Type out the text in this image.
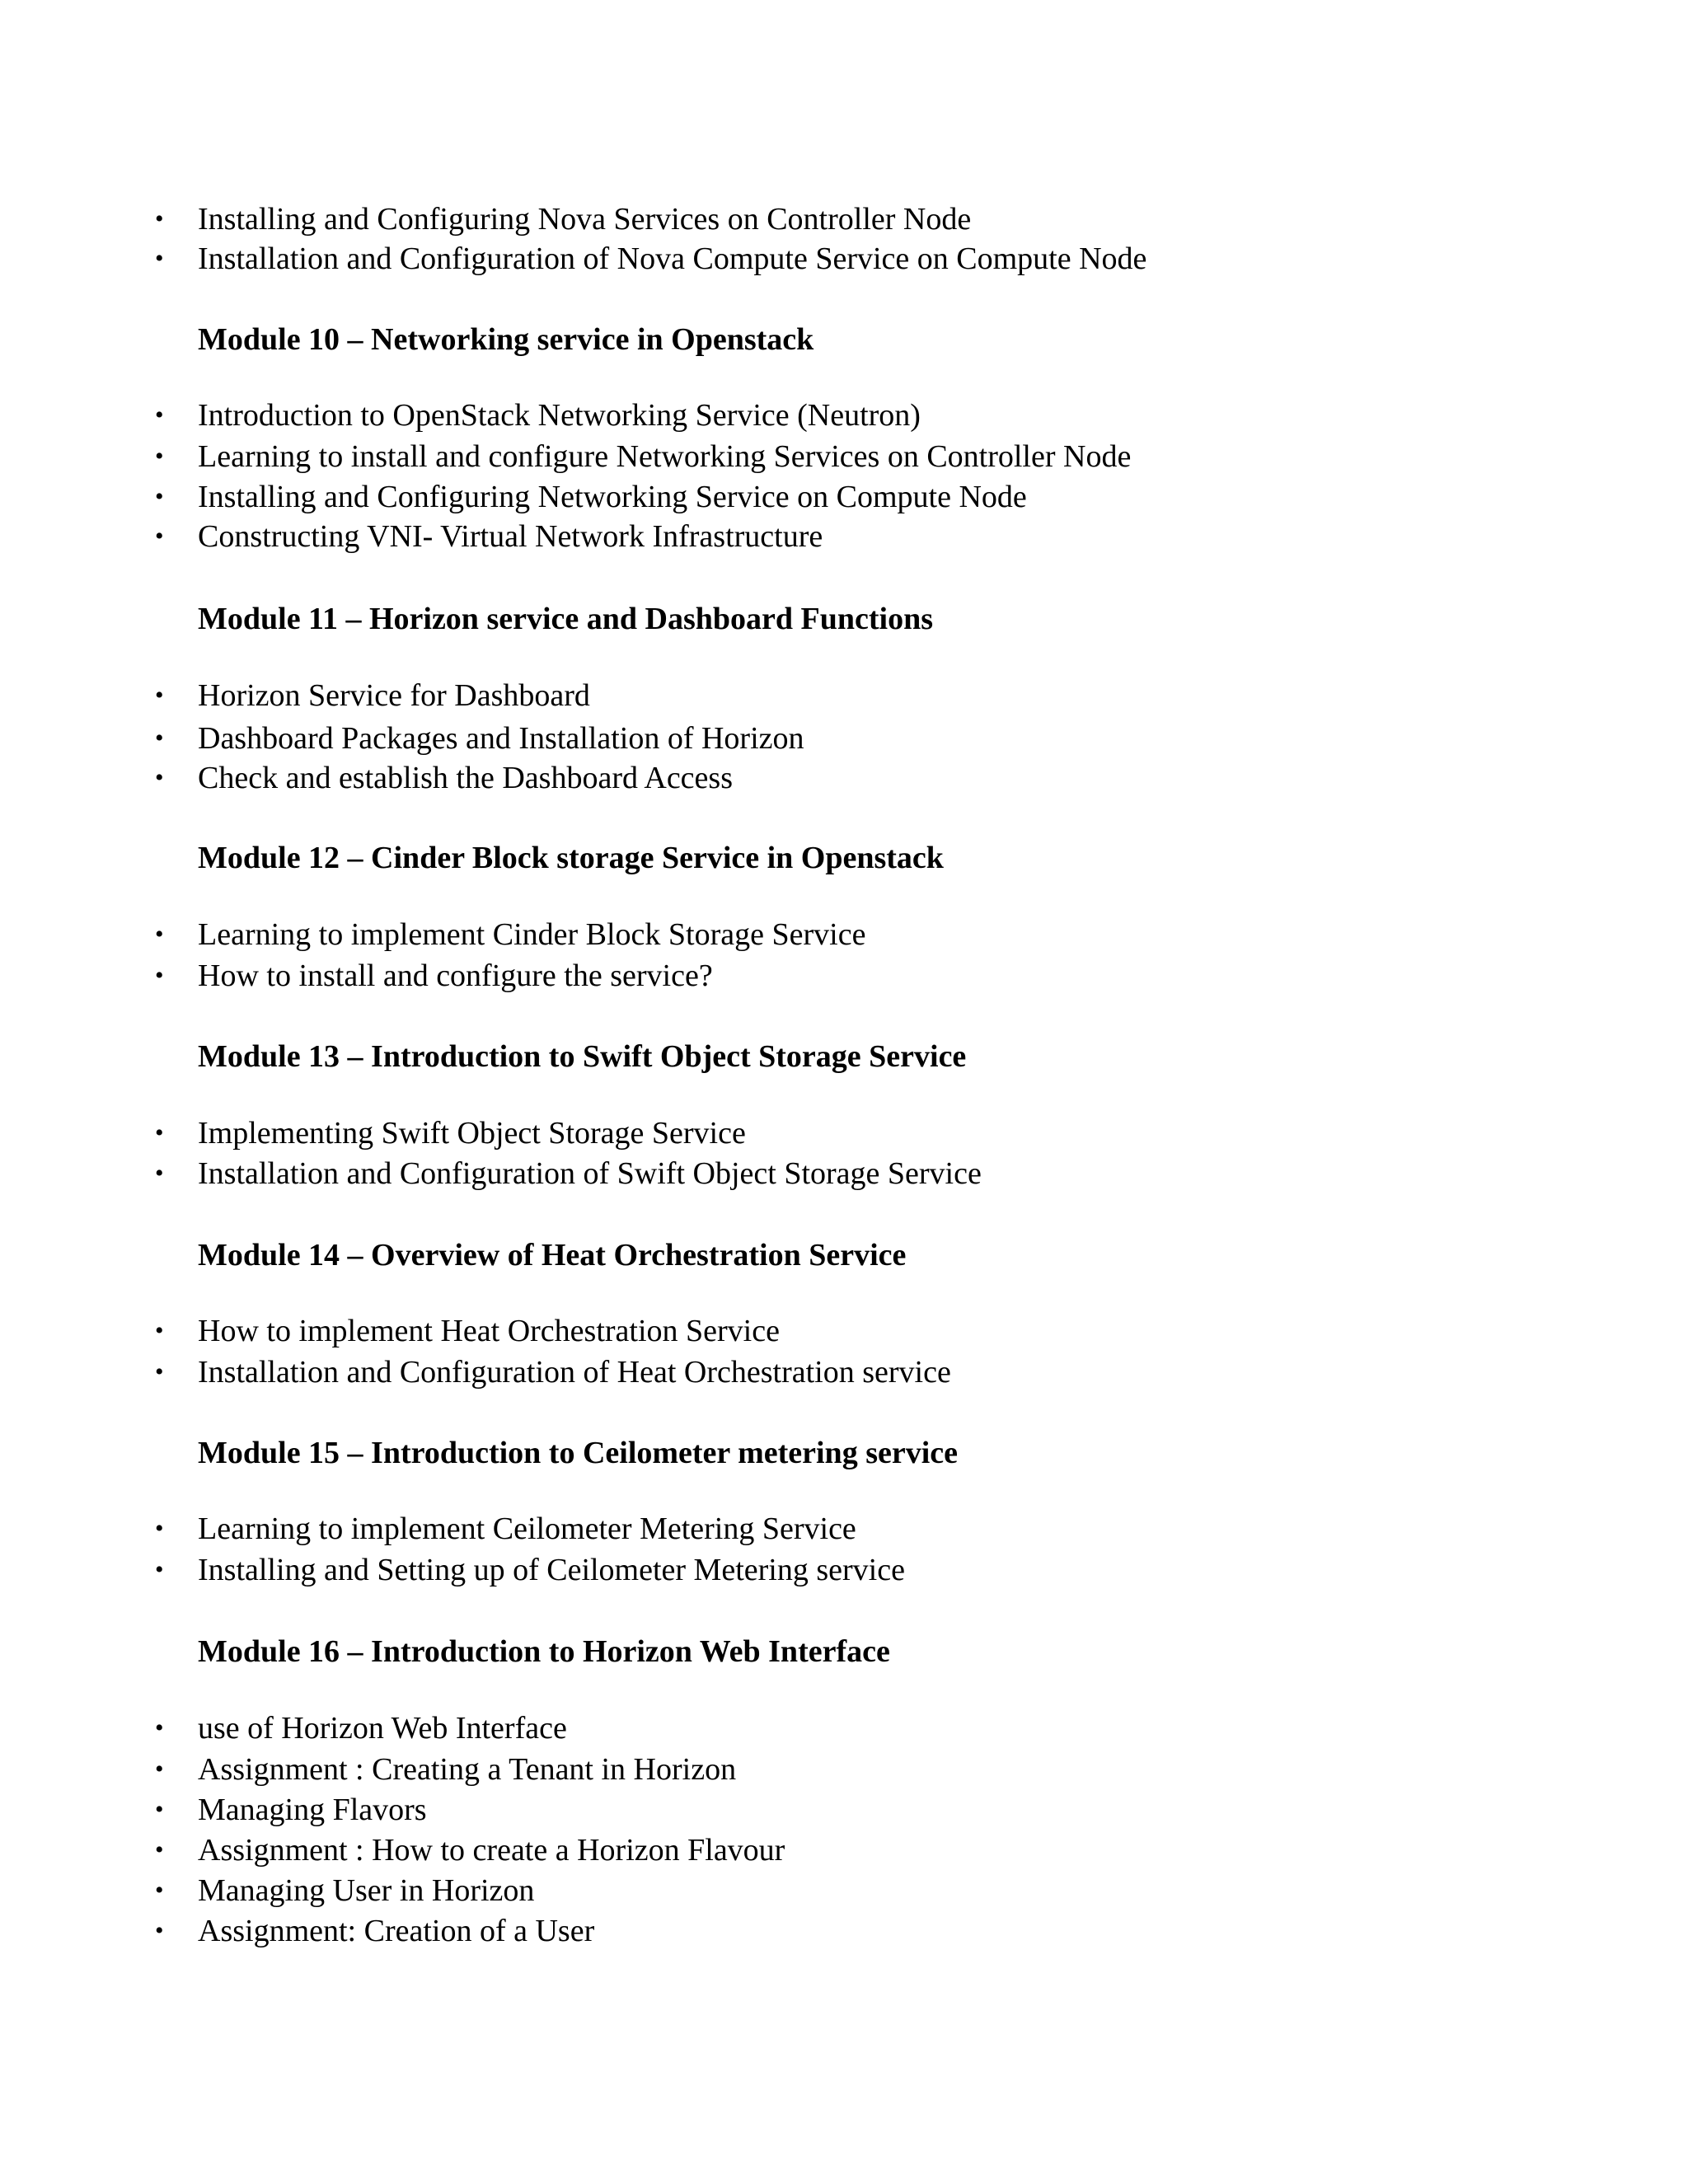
• Installing and Configuring Nova Services on Controller Node
• Installation and Configuration of Nova Compute Service on Compute Node
Module 10 – Networking service in Openstack
• Introduction to OpenStack Networking Service (Neutron)
• Learning to install and configure Networking Services on Controller Node
• Installing and Configuring Networking Service on Compute Node
• Constructing VNI- Virtual Network Infrastructure
Module 11 – Horizon service and Dashboard Functions
• Horizon Service for Dashboard
• Dashboard Packages and Installation of Horizon
• Check and establish the Dashboard Access
Module 12 – Cinder Block storage Service in Openstack
• Learning to implement Cinder Block Storage Service
• How to install and configure the service?
Module 13 – Introduction to Swift Object Storage Service
• Implementing Swift Object Storage Service
• Installation and Configuration of Swift Object Storage Service
Module 14 – Overview of Heat Orchestration Service
• How to implement Heat Orchestration Service
• Installation and Configuration of Heat Orchestration service
Module 15 – Introduction to Ceilometer metering service
• Learning to implement Ceilometer Metering Service
• Installing and Setting up of Ceilometer Metering service
Module 16 – Introduction to Horizon Web Interface
• use of Horizon Web Interface
• Assignment : Creating a Tenant in Horizon
• Managing Flavors
• Assignment : How to create a Horizon Flavour
• Managing User in Horizon
• Assignment: Creation of a User
